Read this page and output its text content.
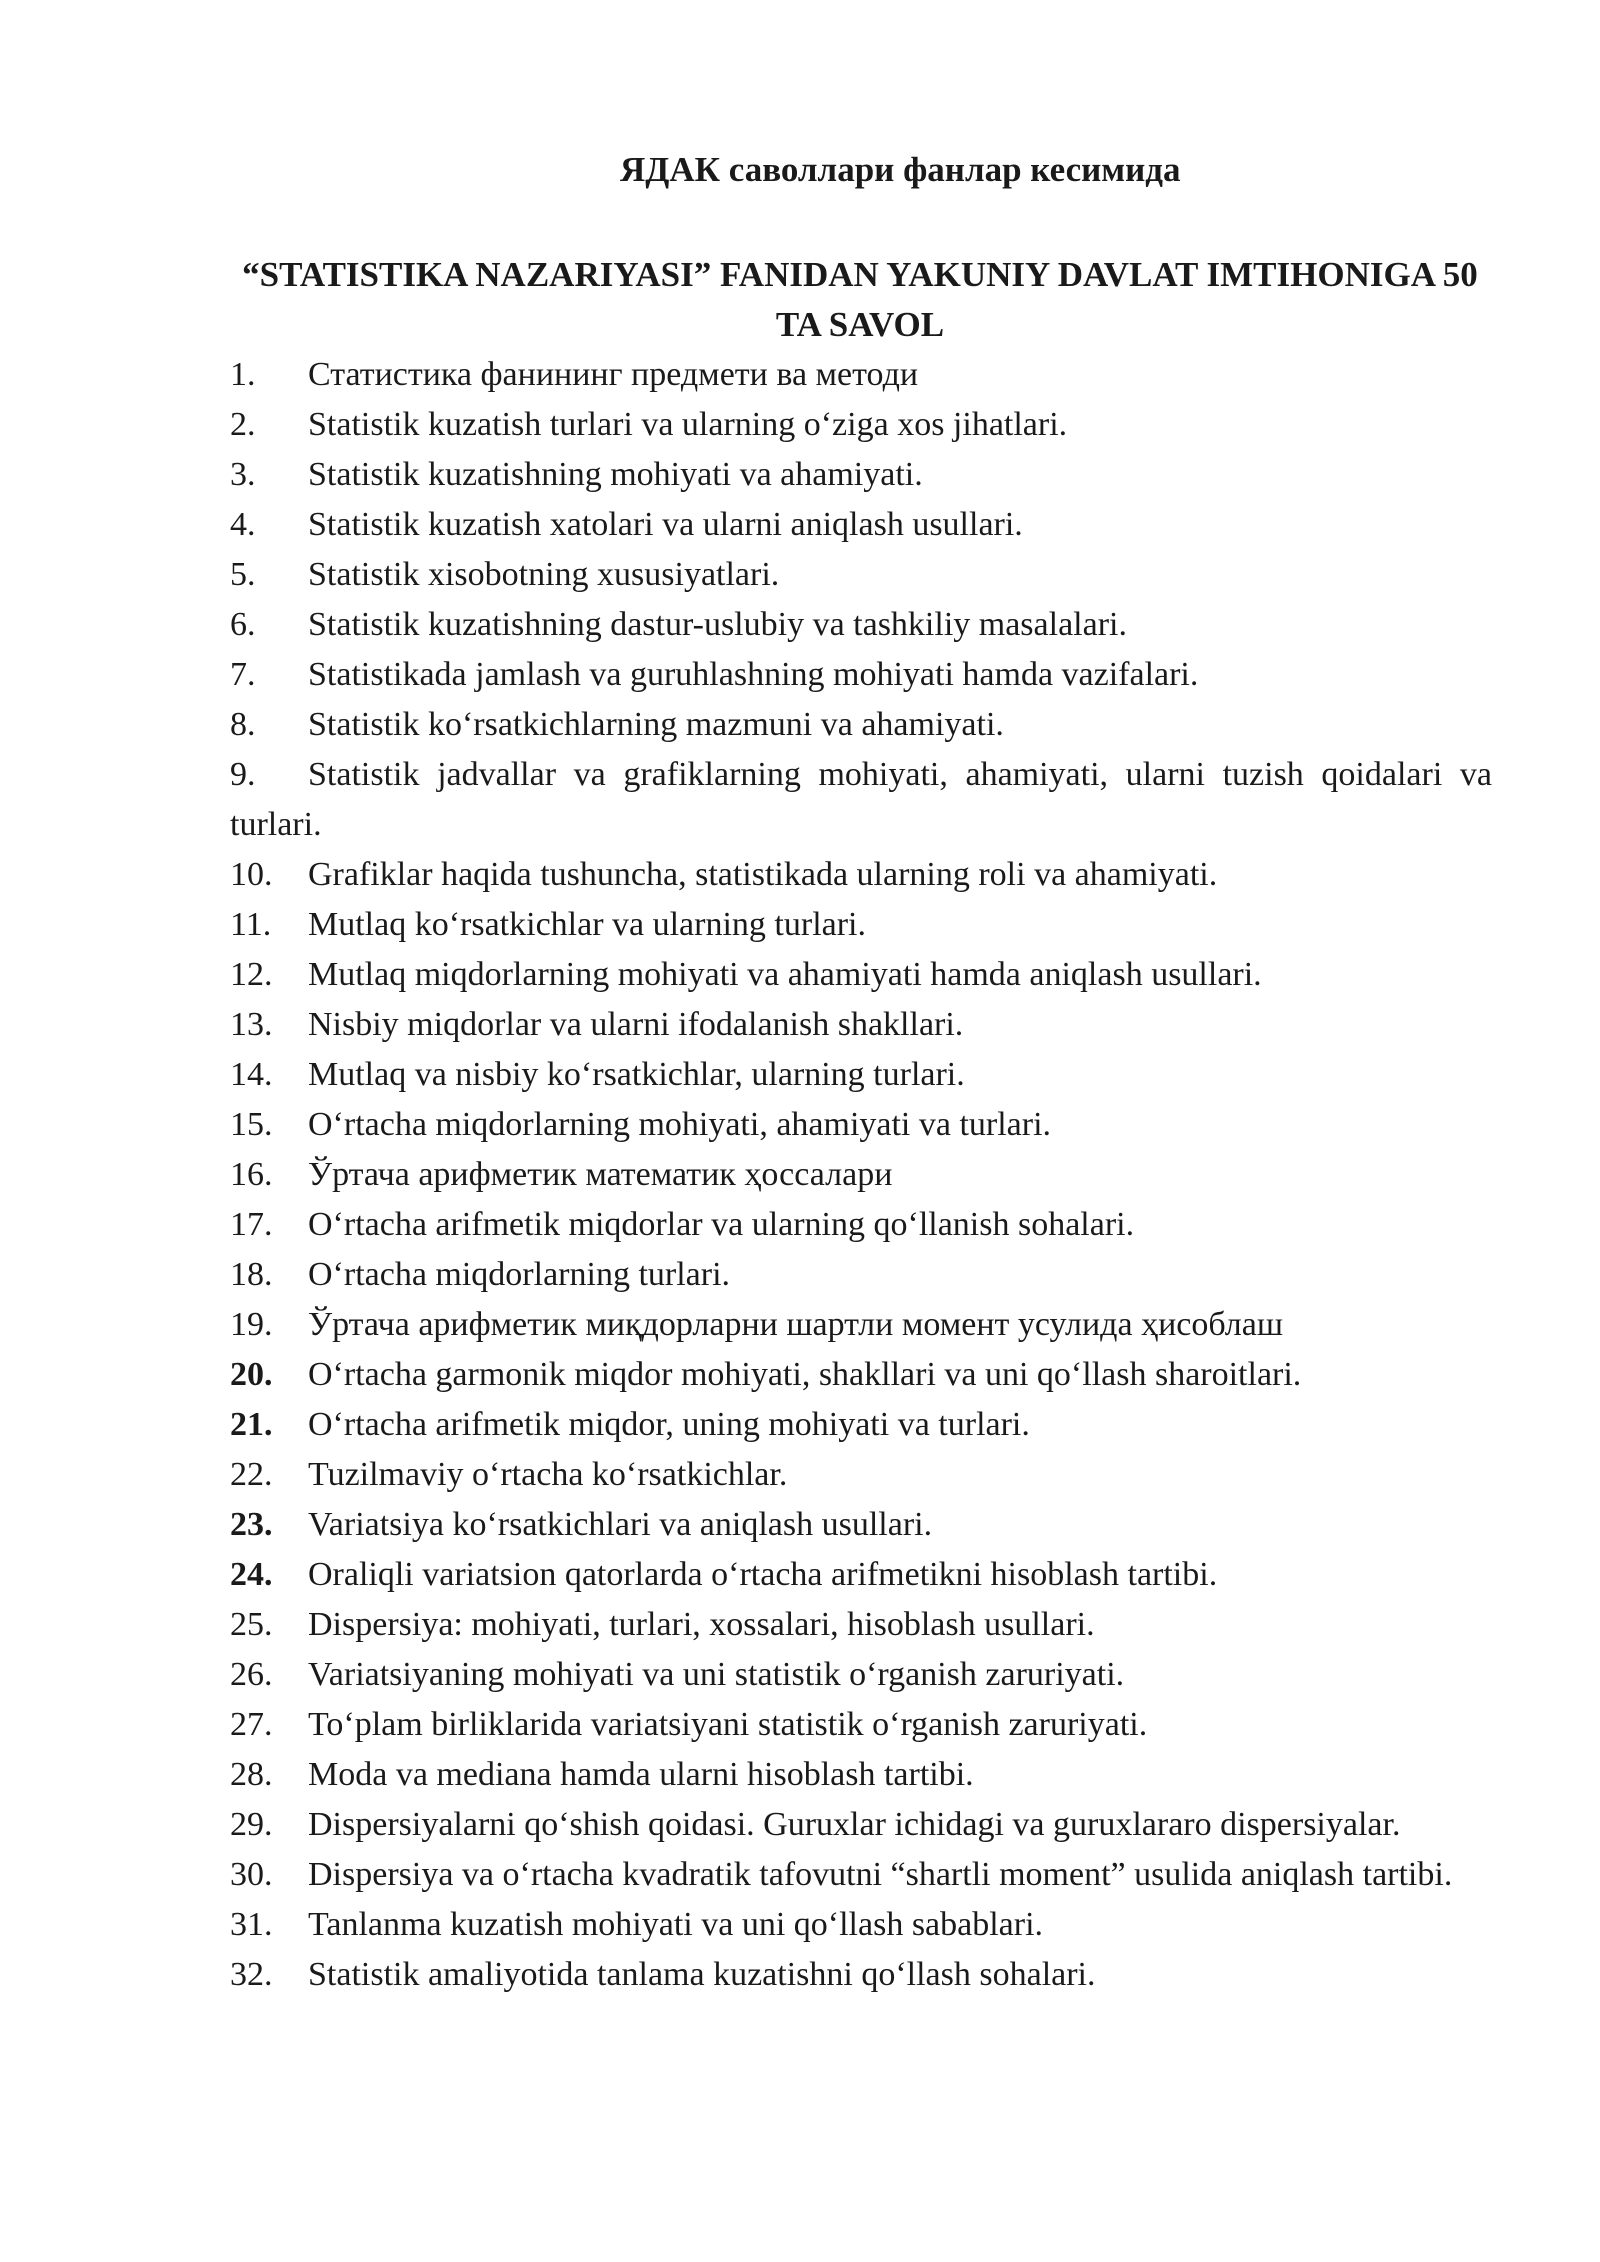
ЯДАК саволлари фанлар кесимида
“STATISTIKA NAZARIYASI” FANIDAN YAKUNIY DAVLAT IMTIHONIGA 50 TA SAVOL
1. Статистика фанининг предмети ва методи
2. Statistik kuzatish turlari va ularning oʻziga xos jihatlari.
3. Statistik kuzatishning mohiyati va ahamiyati.
4. Statistik kuzatish xatolari va ularni aniqlash usullari.
5. Statistik xisobotning xususiyatlari.
6. Statistik kuzatishning dastur-uslubiy va tashkiliy masalalari.
7. Statistikada jamlash va guruhlashning mohiyati hamda vazifalari.
8. Statistik koʻrsatkichlarning mazmuni va ahamiyati.
9. Statistik jadvallar va grafiklarning mohiyati, ahamiyati, ularni tuzish qoidalari va turlari.
10. Grafiklar haqida tushuncha, statistikada ularning roli va ahamiyati.
11. Mutlaq koʻrsatkichlar va ularning turlari.
12. Mutlaq miqdorlarning mohiyati va ahamiyati hamda aniqlash usullari.
13. Nisbiy miqdorlar va ularni ifodalanish shakllari.
14. Mutlaq va nisbiy koʻrsatkichlar, ularning turlari.
15. Oʻrtacha miqdorlarning mohiyati, ahamiyati va turlari.
16. Ўртача арифметик математик ҳоссалари
17. Oʻrtacha arifmetik miqdorlar va ularning qoʻllanish sohalari.
18. Oʻrtacha miqdorlarning turlari.
19. Ўртача арифметик миқдорларни шартли момент усулида ҳисоблаш
20. Oʻrtacha garmonik miqdor mohiyati, shakllari va uni qoʻllash sharoitlari.
21. Oʻrtacha arifmetik miqdor, uning mohiyati va turlari.
22. Tuzilmaviy oʻrtacha koʻrsatkichlar.
23. Variatsiya koʻrsatkichlari va aniqlash usullari.
24. Oraliqli variatsion qatorlarda oʻrtacha arifmetikni hisoblash tartibi.
25. Dispersiya: mohiyati, turlari, xossalari, hisoblash usullari.
26. Variatsiyaning mohiyati va uni statistik oʻrganish zaruriyati.
27. Toʻplam birliklarida variatsiyani statistik oʻrganish zaruriyati.
28. Moda va mediana hamda ularni hisoblash tartibi.
29. Dispersiyalarni qoʻshish qoidasi. Guruxlar ichidagi va guruxlararo dispersiyalar.
30. Dispersiya va oʻrtacha kvadratik tafovutni “shartli moment” usulida aniqlash tartibi.
31. Tanlanma kuzatish mohiyati va uni qoʻllash sabablari.
32. Statistik amaliyotida tanlama kuzatishni qoʻllash sohalari.
